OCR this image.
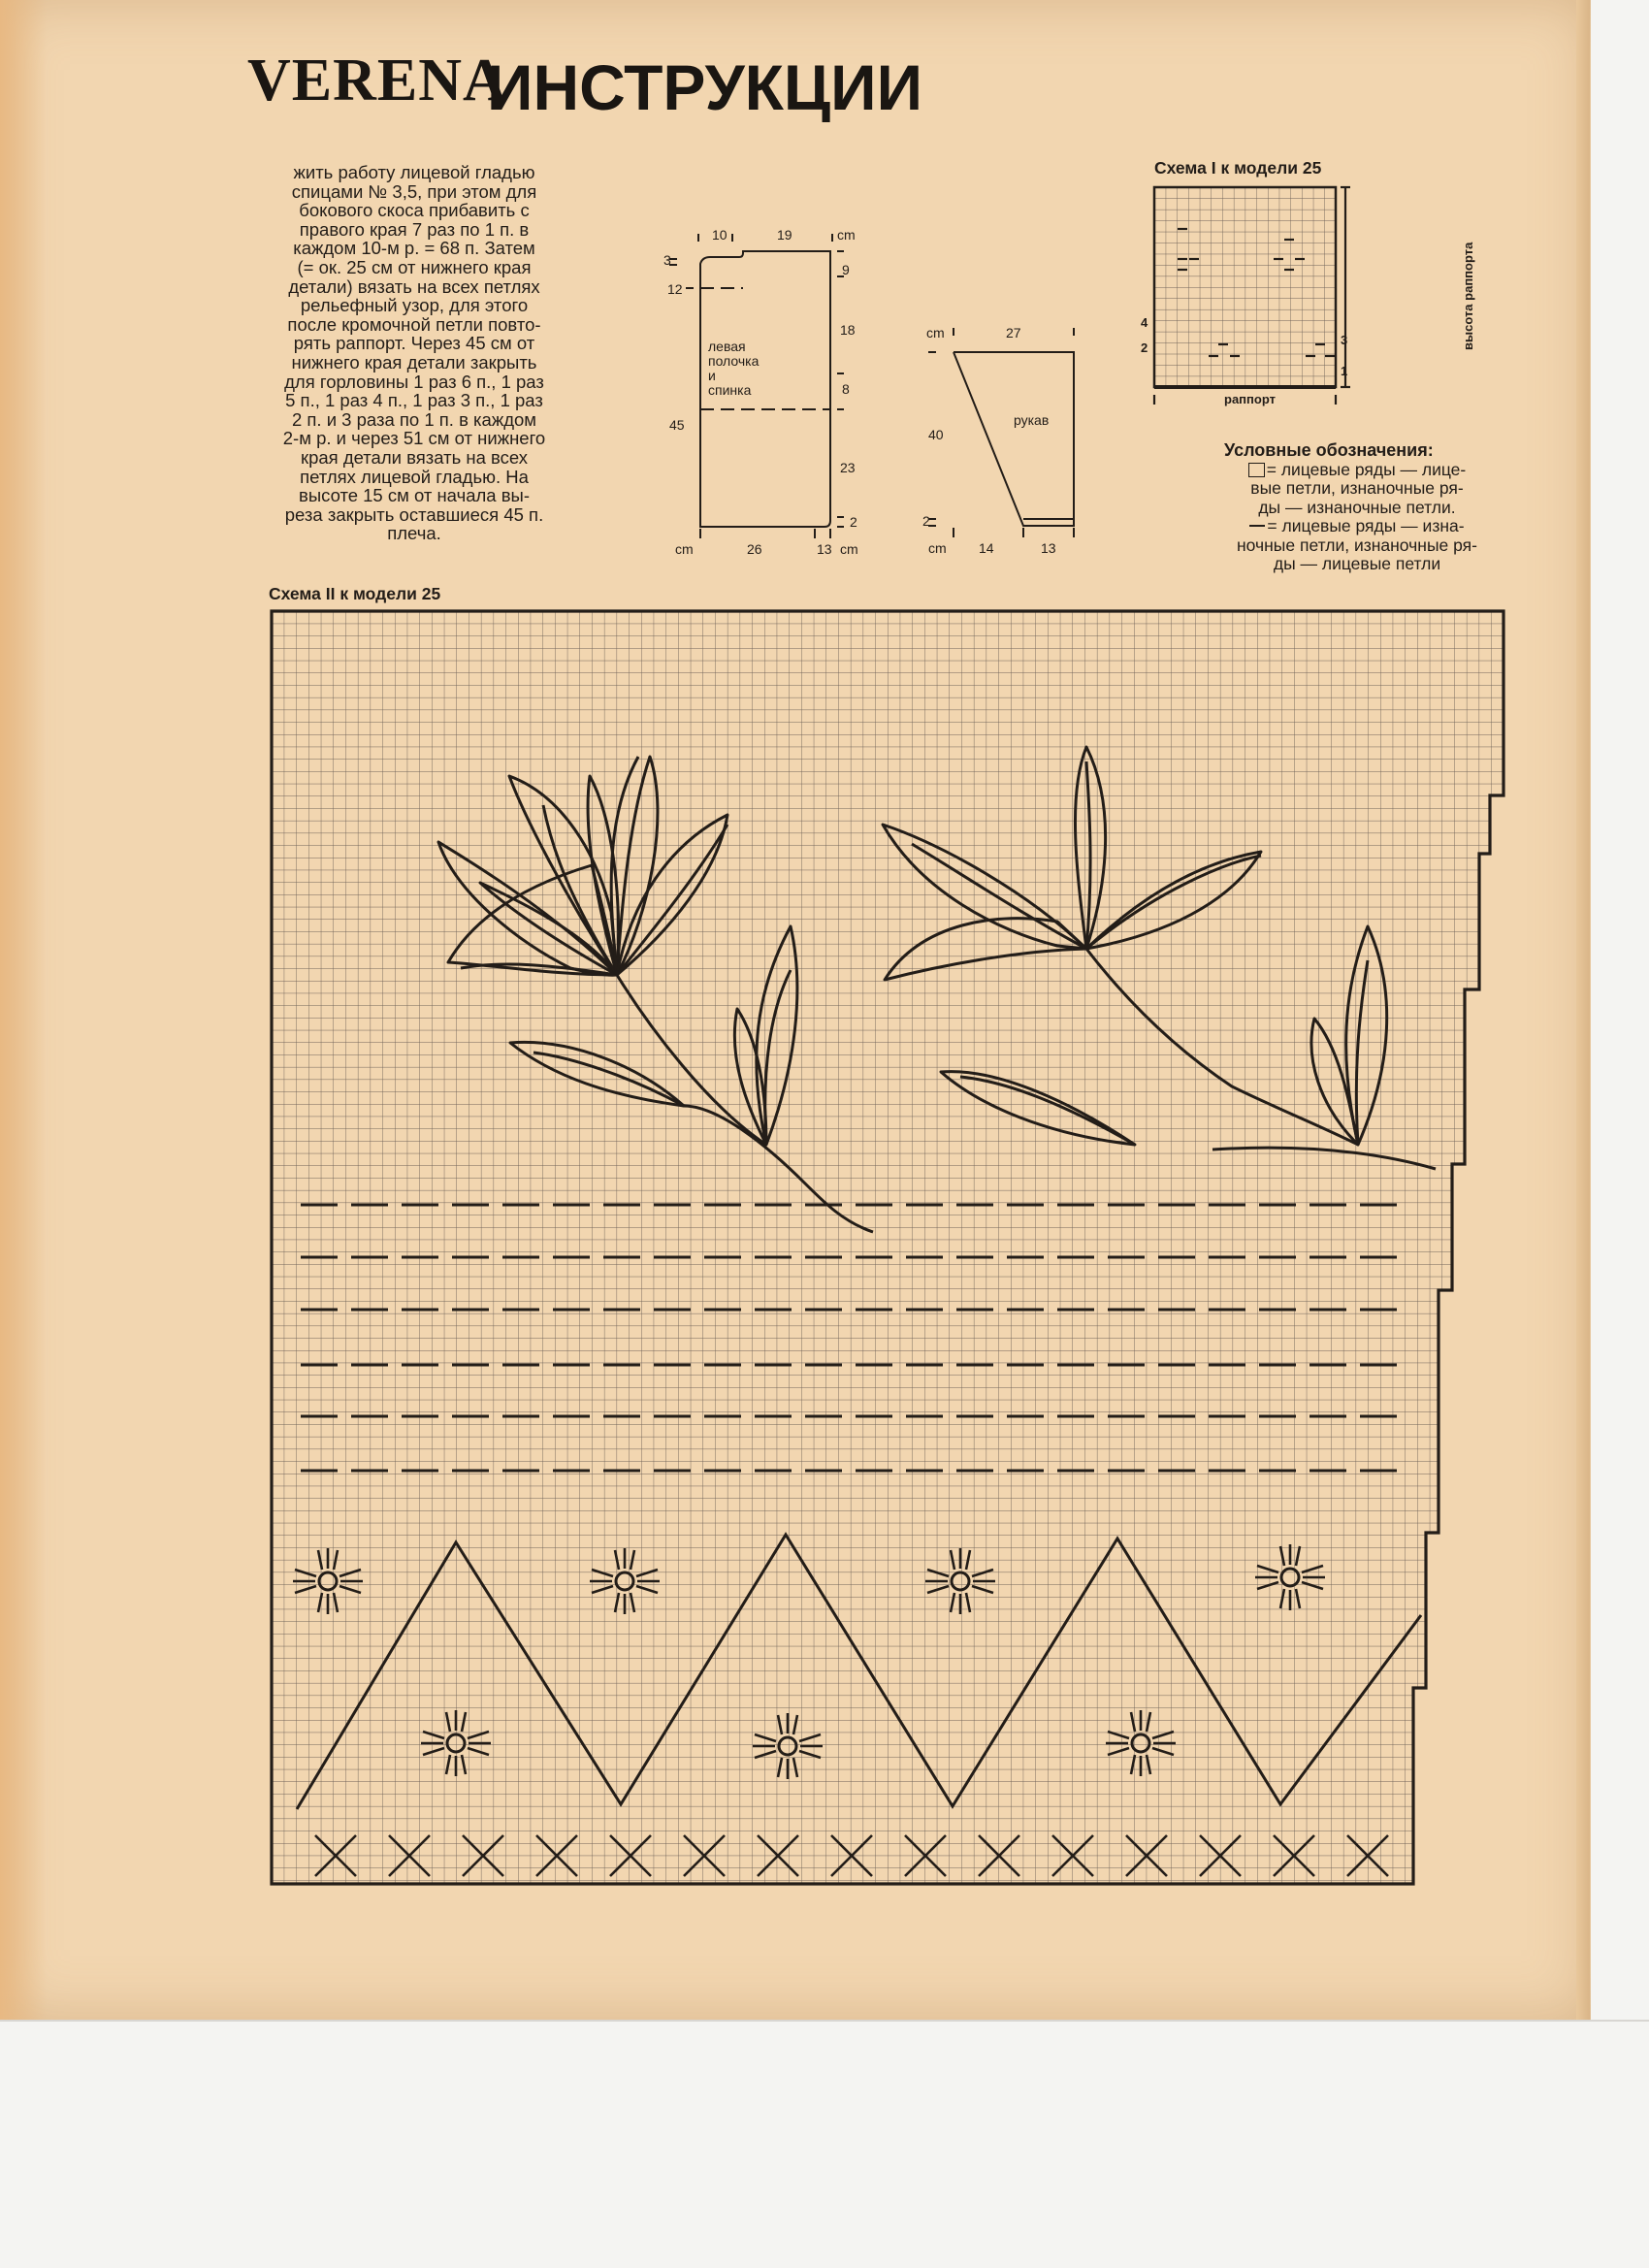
VERENA
ИНСТРУКЦИИ
жить работу лицевой гладью
спицами № 3,5, при этом для
бокового скоса прибавить с
правого края 7 раз по 1 п. в
каждом 10-м р. = 68 п. Затем
(= ок. 25 см от нижнего края
детали) вязать на всех петлях
рельефный узор, для этого
после кромочной петли повто-
рять раппорт. Через 45 см от
нижнего края детали закрыть
для горловины 1 раз 6 п., 1 раз
5 п., 1 раз 4 п., 1 раз 3 п., 1 раз
2 п. и 3 раза по 1 п. в каждом
2-м р. и через 51 см от нижнего
края детали вязать на всех
петлях лицевой гладью. На
высоте 15 см от начала вы-
реза закрыть оставшиеся 45 п.
плеча.
10	19	cm
3
12
45
9
18
8
23
2
cm	26	13 cm
левая
полочка
и
спинка
cm	27
40
2
cm 14	13
рукав
Схема I к модели 25
4
2
3
1
раппорт
высота раппорта
Условные обозначения:
= лицевые ряды — лице-
вые петли, изнаночные ря-
ды — изнаночные петли.
= лицевые ряды — изна-
ночные петли, изнаночные ря-
ды — лицевые петли
Схема II к модели 25
